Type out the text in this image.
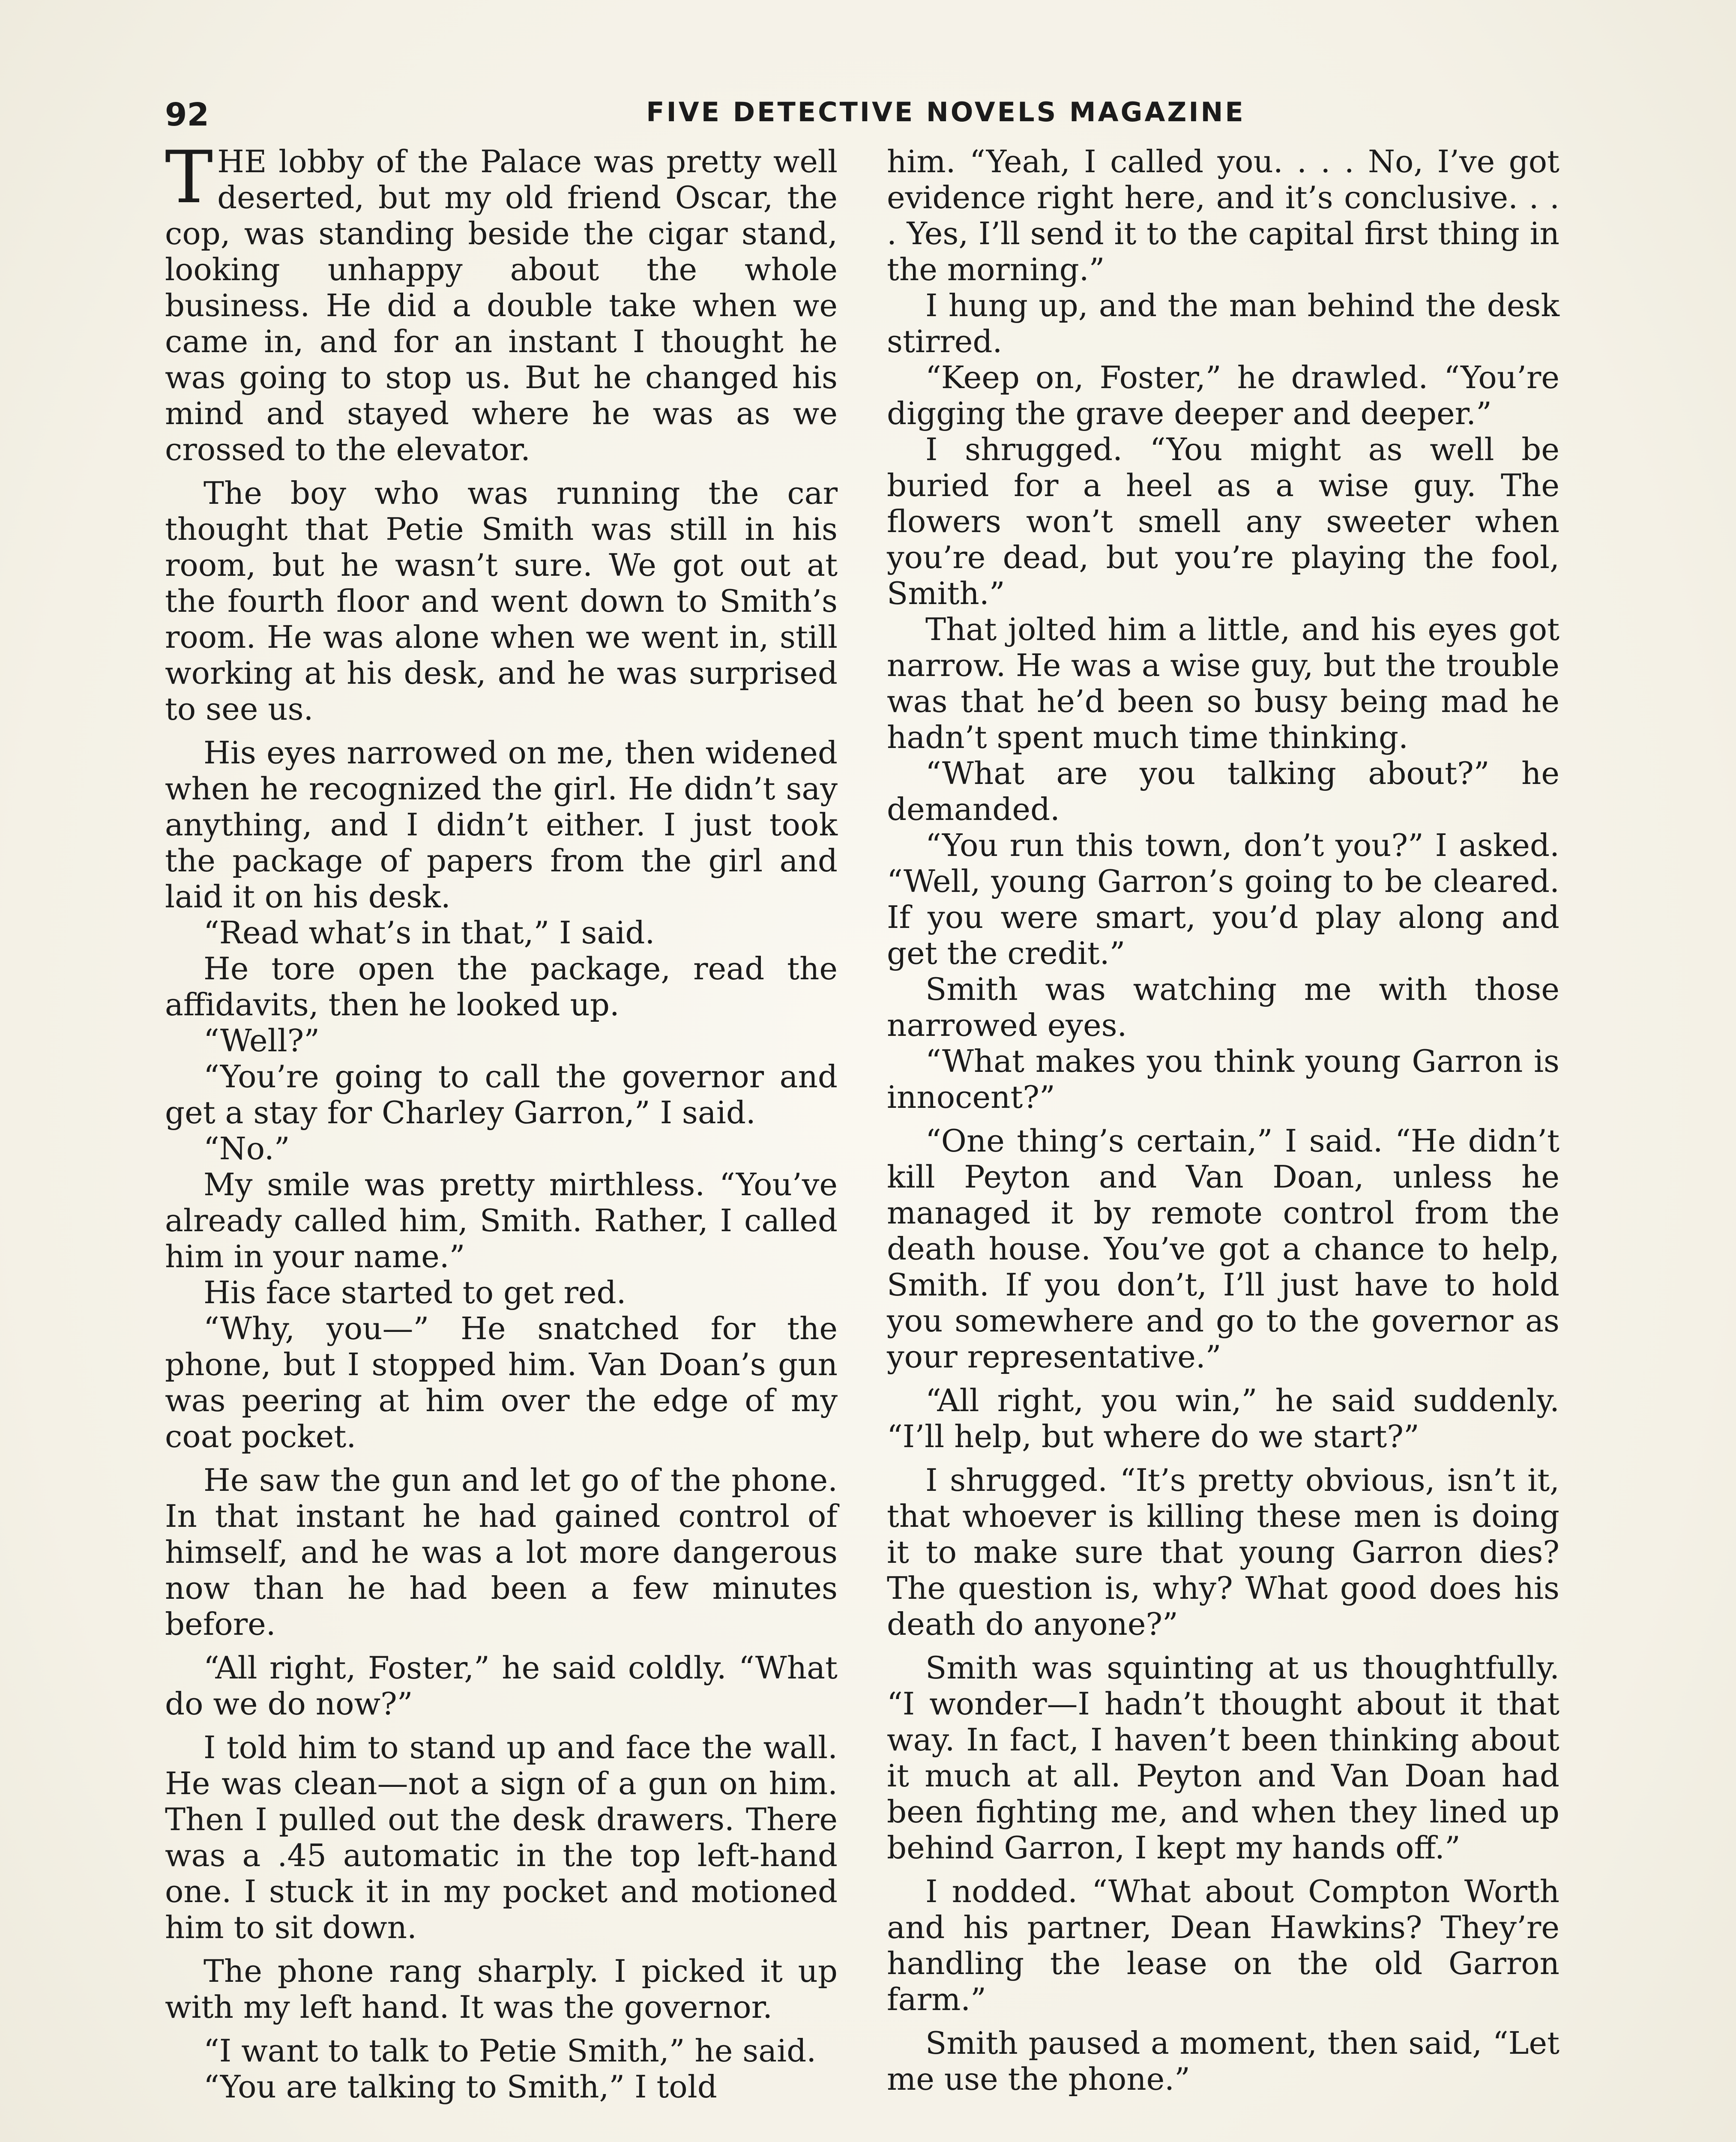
92	FIVE DETECTIVE NOVELS MAGAZINE

THE lobby of the Palace was pretty well deserted, but my old friend Oscar, the cop, was standing beside the cigar stand, looking unhappy about the whole business. He did a double take when we came in, and for an instant I thought he was going to stop us. But he changed his mind and stayed where he was as we crossed to the elevator.

The boy who was running the car thought that Petie Smith was still in his room, but he wasn’t sure. We got out at the fourth floor and went down to Smith’s room. He was alone when we went in, still working at his desk, and he was surprised to see us.

His eyes narrowed on me, then widened when he recognized the girl. He didn’t say anything, and I didn’t either. I just took the package of papers from the girl and laid it on his desk.

“Read what’s in that,” I said.

He tore open the package, read the affidavits, then he looked up.

“Well?”

“You’re going to call the governor and get a stay for Charley Garron,” I said.

“No.”

My smile was pretty mirthless. “You’ve already called him, Smith. Rather, I called him in your name.”

His face started to get red.

“Why, you—” He snatched for the phone, but I stopped him. Van Doan’s gun was peering at him over the edge of my coat pocket.

He saw the gun and let go of the phone. In that instant he had gained control of himself, and he was a lot more dangerous now than he had been a few minutes before.

“All right, Foster,” he said coldly. “What do we do now?”

I told him to stand up and face the wall. He was clean—not a sign of a gun on him. Then I pulled out the desk drawers. There was a .45 automatic in the top left-hand one. I stuck it in my pocket and motioned him to sit down.

The phone rang sharply. I picked it up with my left hand. It was the governor.

“I want to talk to Petie Smith,” he said.

“You are talking to Smith,” I told

him. “Yeah, I called you. . . . No, I’ve got evidence right here, and it’s conclusive. . . . Yes, I’ll send it to the capital first thing in the morning.”

I hung up, and the man behind the desk stirred.

“Keep on, Foster,” he drawled. “You’re digging the grave deeper and deeper.”

I shrugged. “You might as well be buried for a heel as a wise guy. The flowers won’t smell any sweeter when you’re dead, but you’re playing the fool, Smith.”

That jolted him a little, and his eyes got narrow. He was a wise guy, but the trouble was that he’d been so busy being mad he hadn’t spent much time thinking.

“What are you talking about?” he demanded.

“You run this town, don’t you?” I asked. “Well, young Garron’s going to be cleared. If you were smart, you’d play along and get the credit.”

Smith was watching me with those narrowed eyes.

“What makes you think young Garron is innocent?”

“One thing’s certain,” I said. “He didn’t kill Peyton and Van Doan, unless he managed it by remote control from the death house. You’ve got a chance to help, Smith. If you don’t, I’ll just have to hold you somewhere and go to the governor as your representative.”

“All right, you win,” he said suddenly. “I’ll help, but where do we start?”

I shrugged. “It’s pretty obvious, isn’t it, that whoever is killing these men is doing it to make sure that young Garron dies? The question is, why? What good does his death do anyone?”

Smith was squinting at us thoughtfully. “I wonder—I hadn’t thought about it that way. In fact, I haven’t been thinking about it much at all. Peyton and Van Doan had been fighting me, and when they lined up behind Garron, I kept my hands off.”

I nodded. “What about Compton Worth and his partner, Dean Hawkins? They’re handling the lease on the old Garron farm.”

Smith paused a moment, then said, “Let me use the phone.”
